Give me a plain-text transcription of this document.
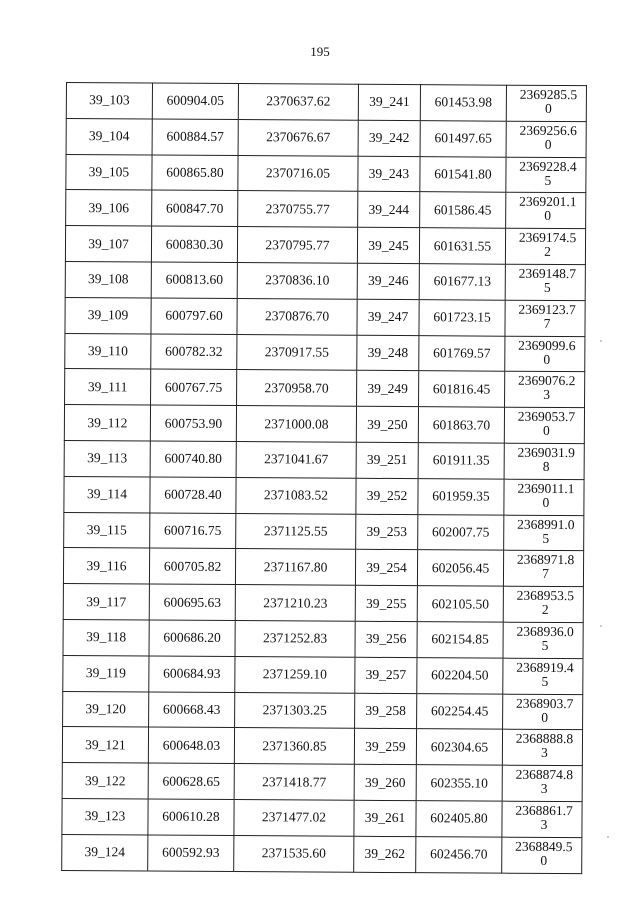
195
39_103	600904.05	2370637.62	39_241	601453.98	2369285.50
39_104	600884.57	2370676.67	39_242	601497.65	2369256.60
39_105	600865.80	2370716.05	39_243	601541.80	2369228.45
39_106	600847.70	2370755.77	39_244	601586.45	2369201.10
39_107	600830.30	2370795.77	39_245	601631.55	2369174.52
39_108	600813.60	2370836.10	39_246	601677.13	2369148.75
39_109	600797.60	2370876.70	39_247	601723.15	2369123.77
39_110	600782.32	2370917.55	39_248	601769.57	2369099.60
39_111	600767.75	2370958.70	39_249	601816.45	2369076.23
39_112	600753.90	2371000.08	39_250	601863.70	2369053.70
39_113	600740.80	2371041.67	39_251	601911.35	2369031.98
39_114	600728.40	2371083.52	39_252	601959.35	2369011.10
39_115	600716.75	2371125.55	39_253	602007.75	2368991.05
39_116	600705.82	2371167.80	39_254	602056.45	2368971.87
39_117	600695.63	2371210.23	39_255	602105.50	2368953.52
39_118	600686.20	2371252.83	39_256	602154.85	2368936.05
39_119	600684.93	2371259.10	39_257	602204.50	2368919.45
39_120	600668.43	2371303.25	39_258	602254.45	2368903.70
39_121	600648.03	2371360.85	39_259	602304.65	2368888.83
39_122	600628.65	2371418.77	39_260	602355.10	2368874.83
39_123	600610.28	2371477.02	39_261	602405.80	2368861.73
39_124	600592.93	2371535.60	39_262	602456.70	2368849.50
